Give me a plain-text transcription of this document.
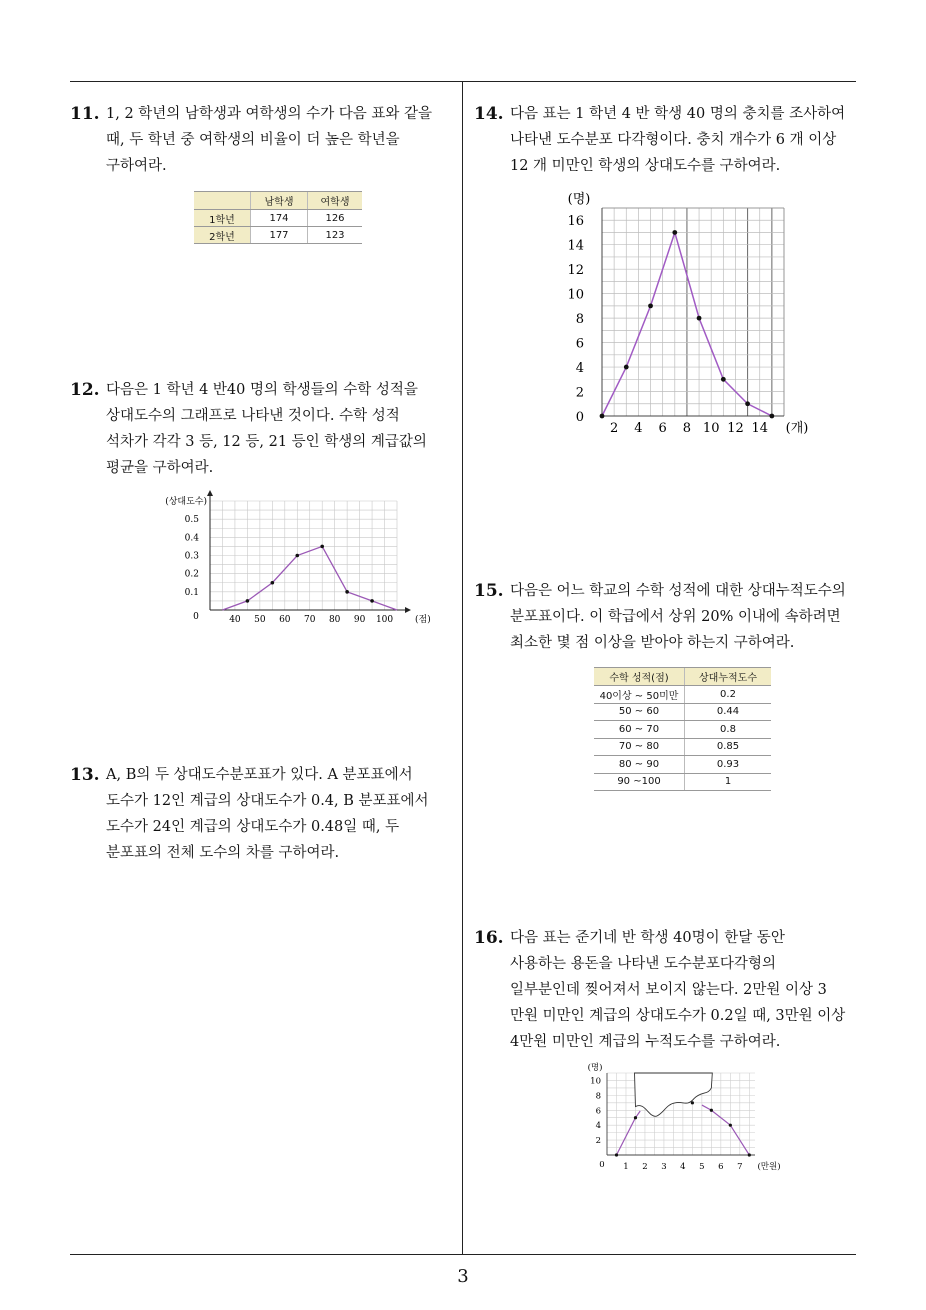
3
11. 1, 2 학년의 남학생과 여학생의 수가 다음 표와 같을
때, 두 학년 중 여학생의 비율이 더 높은 학년을
구하여라.
	남학생	여학생
1학년	174	126
2학년	177	123
12. 다음은 1 학년 4 반40 명의 학생들의 수학 성적을
상대도수의 그래프로 나타낸 것이다. 수학 성적
석차가 각각 3 등, 12 등, 21 등인 학생의 계급값의
평균을 구하여라.
(상대도수)
(점)
0	40 50 60 70 80 90 100
0.1
0.2
0.3
0.4
0.5
13. A, B의 두 상대도수분포표가 있다. A 분포표에서
도수가 12인 계급의 상대도수가 0.4, B 분포표에서
도수가 24인 계급의 상대도수가 0.48일 때, 두
분포표의 전체 도수의 차를 구하여라.
14. 다음 표는 1 학년 4 반 학생 40 명의 충치를 조사하여
나타낸 도수분포 다각형이다. 충치 개수가 6 개 이상
12 개 미만인 학생의 상대도수를 구하여라.
(명)
(개)
0
2
4
6
8
10
12
14
16
2 4 6 8 10 12 14
15. 다음은 어느 학교의 수학 성적에 대한 상대누적도수의
분포표이다. 이 학급에서 상위 20% 이내에 속하려면
최소한 몇 점 이상을 받아야 하는지 구하여라.
수학 성적(점)	상대누적도수
40이상 ~ 50미만	0.2
50 ~ 60	0.44
60 ~ 70	0.8
70 ~ 80	0.85
80 ~ 90	0.93
90 ~100	1
16. 다음 표는 준기네 반 학생 40명이 한달 동안
사용하는 용돈을 나타낸 도수분포다각형의
일부분인데 찢어져서 보이지 않는다. 2만원 이상 3
만원 미만인 계급의 상대도수가 0.2일 때, 3만원 이상
4만원 미만인 계급의 누적도수를 구하여라.
(명)
(만원)
0
2
4
6
8
10
1 2 3 4 5 6 7
